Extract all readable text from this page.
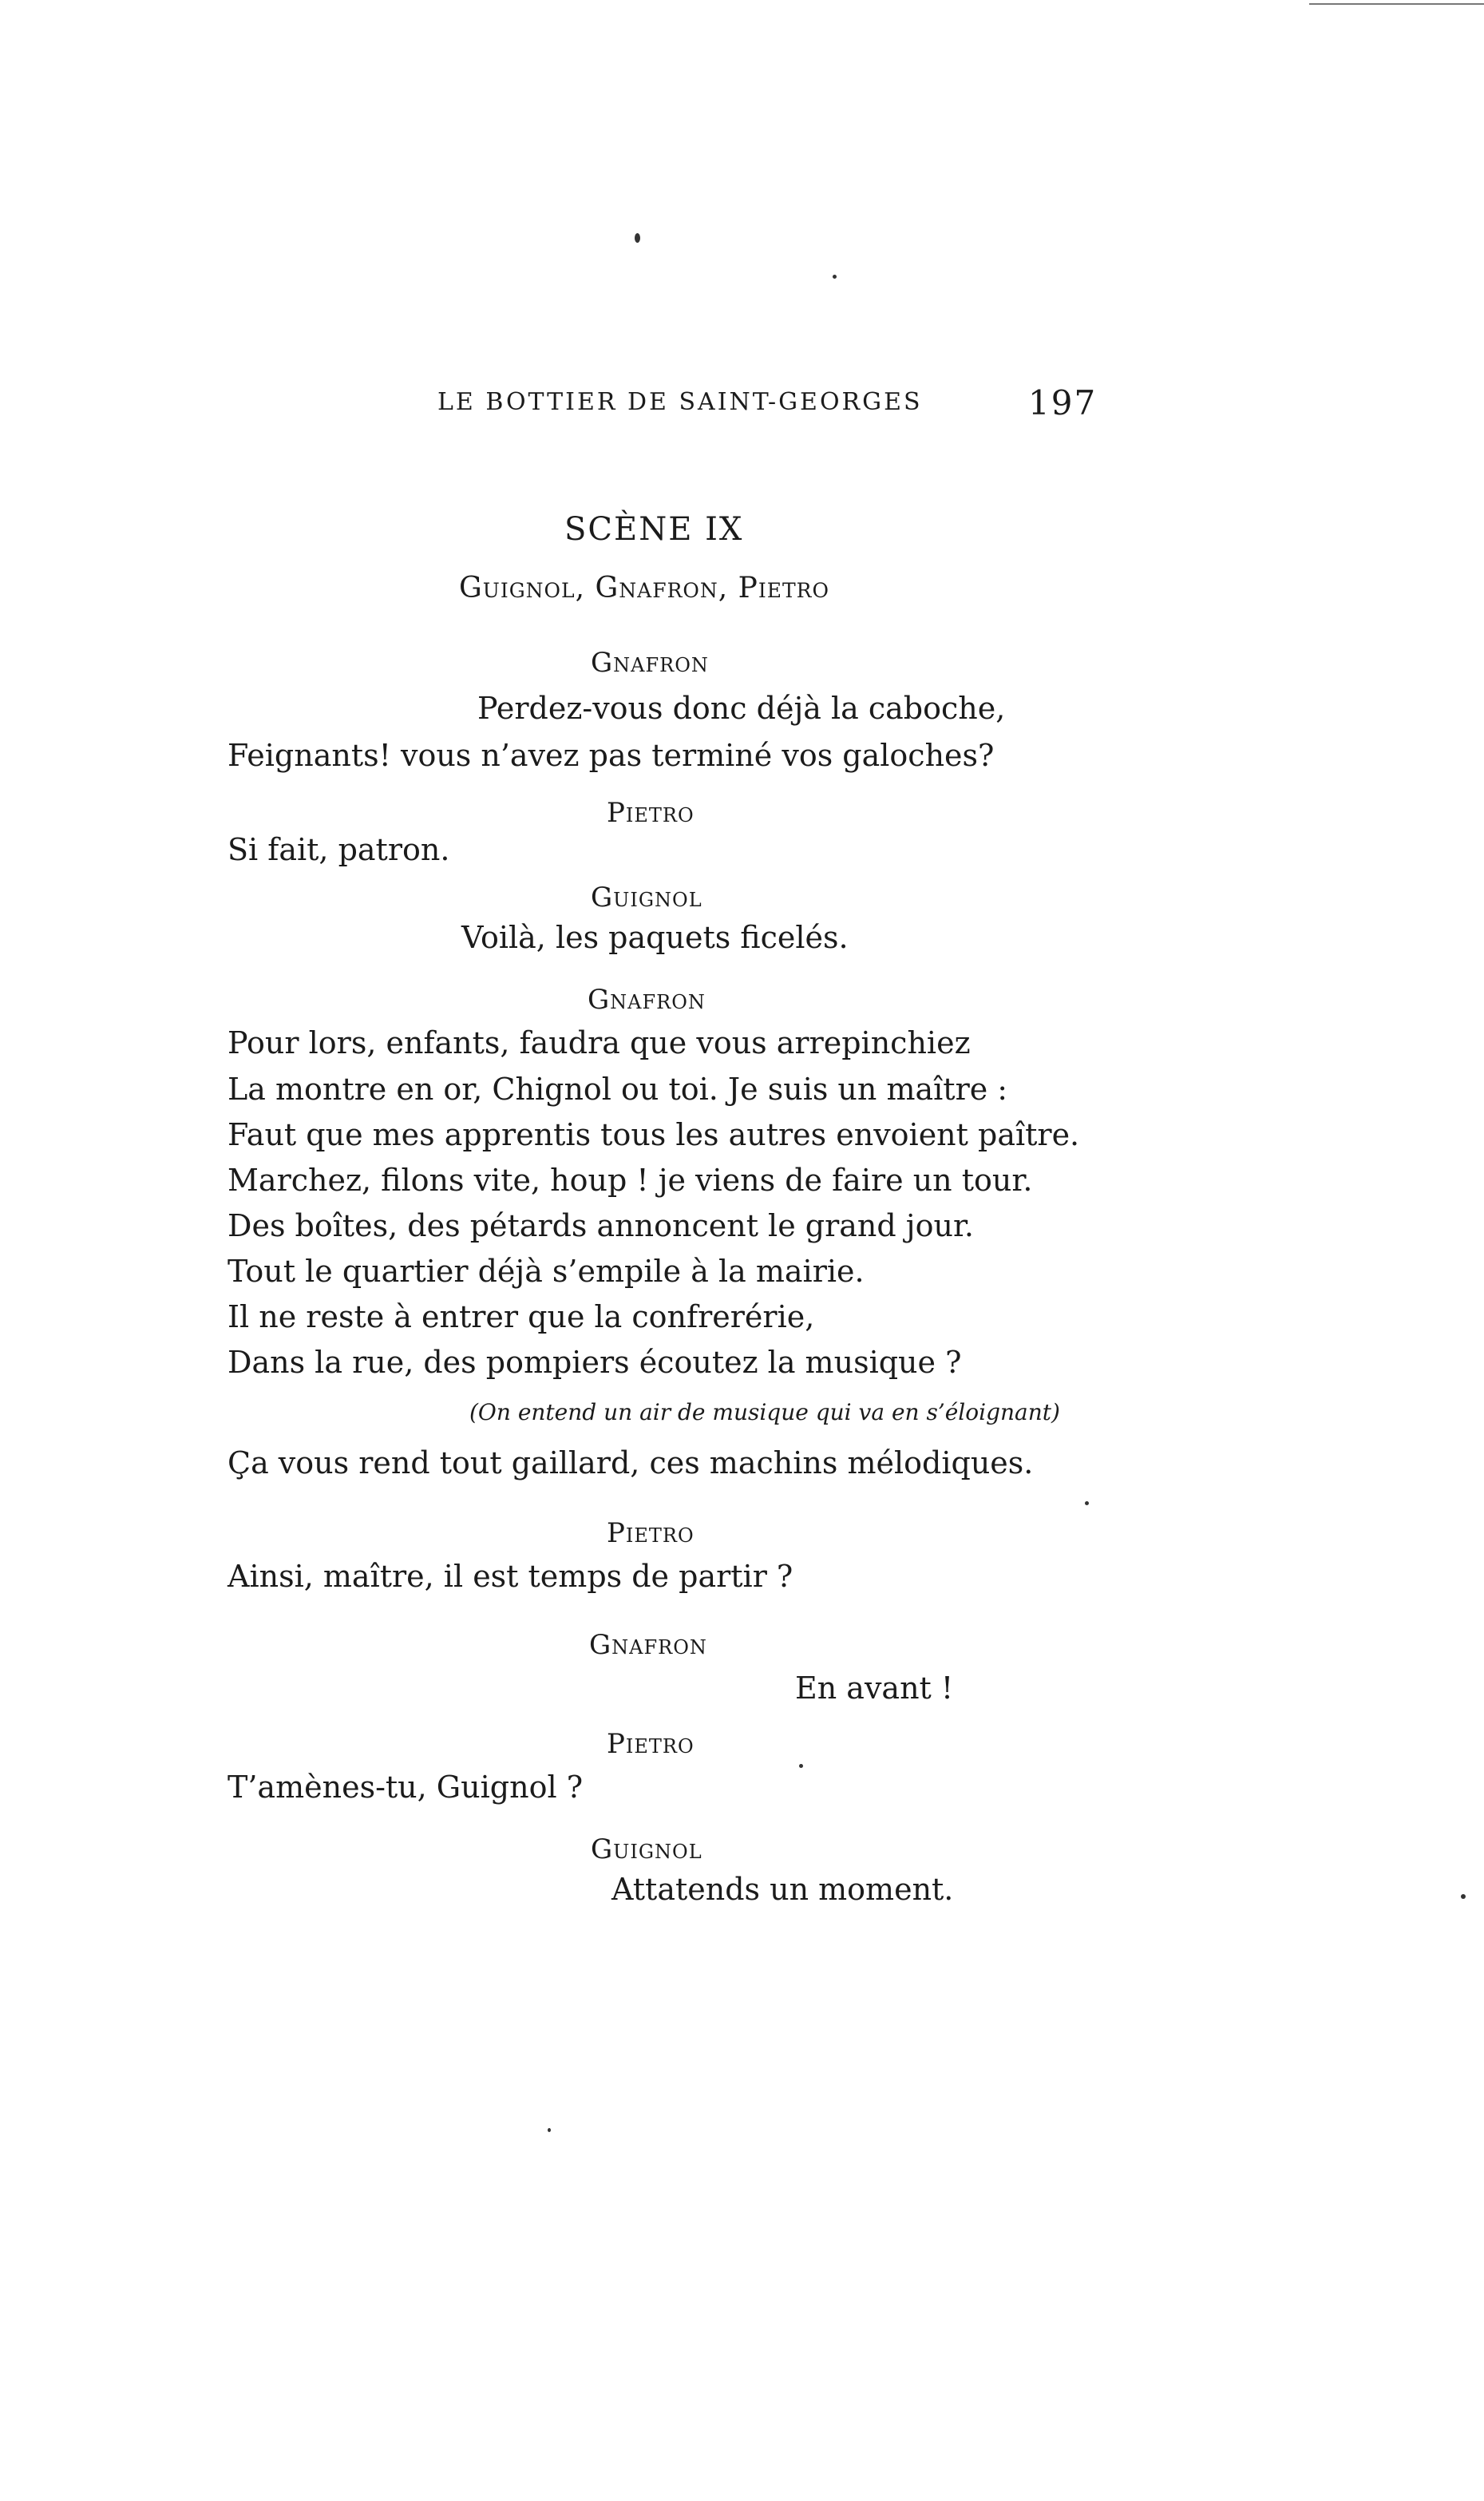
LE BOTTIER DE SAINT-GEORGES	197
SCÈNE IX
Guignol, Gnafron, Pietro
Gnafron
Perdez-vous donc déjà la caboche,
Feignants! vous n’avez pas terminé vos galoches?
Pietro
Si fait, patron.
Guignol
Voilà, les paquets ficelés.
Gnafron
Pour lors, enfants, faudra que vous arrepinchiez
La montre en or, Chignol ou toi. Je suis un maître :
Faut que mes apprentis tous les autres envoient paître.
Marchez, filons vite, houp ! je viens de faire un tour.
Des boîtes, des pétards annoncent le grand jour.
Tout le quartier déjà s’empile à la mairie.
Il ne reste à entrer que la confrerérie,
Dans la rue, des pompiers écoutez la musique ?
(On entend un air de musique qui va en s’éloignant)
Ça vous rend tout gaillard, ces machins mélodiques.
Pietro
Ainsi, maître, il est temps de partir ?
Gnafron
En avant !
Pietro
T’amènes-tu, Guignol ?
Guignol
Attatends un moment.
